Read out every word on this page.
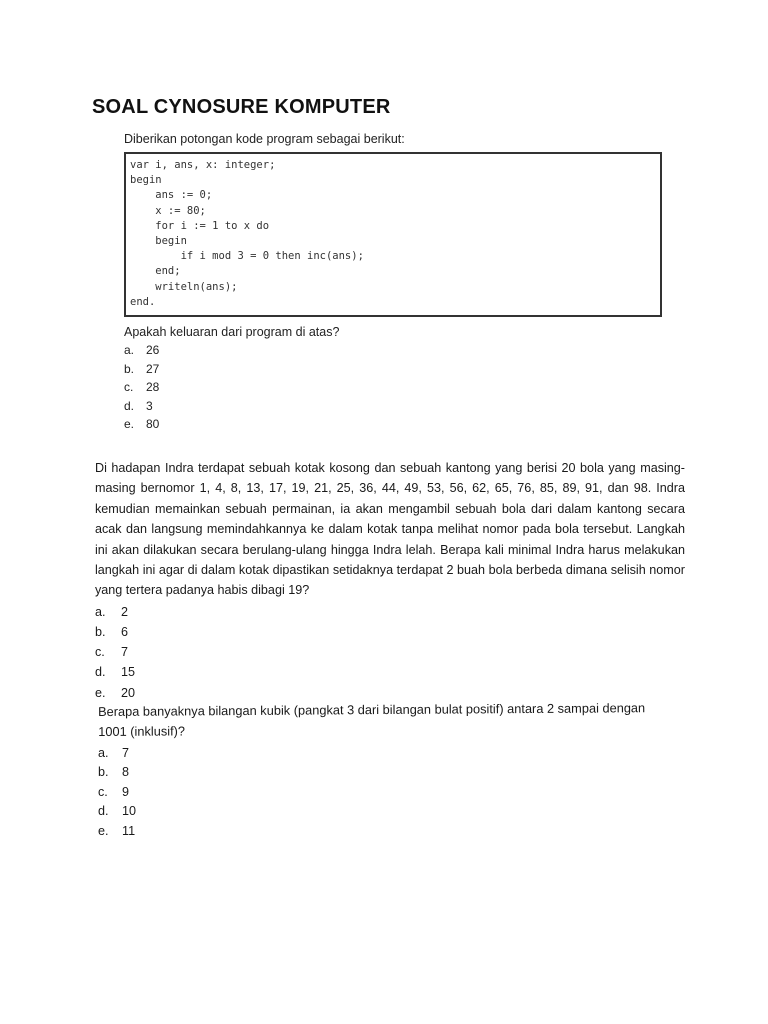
SOAL CYNOSURE KOMPUTER
Diberikan potongan kode program sebagai berikut:
var i, ans, x: integer;
begin
ans := 0;
x := 80;
for i := 1 to x do
begin
if i mod 3 = 0 then inc(ans);
end;
writeln(ans);
end.
Apakah keluaran dari program di atas?
a. 26
b. 27
c. 28
d. 3
e. 80

Di hadapan Indra terdapat sebuah kotak kosong dan sebuah kantong yang berisi 20 bola yang masing-masing bernomor 1, 4, 8, 13, 17, 19, 21, 25, 36, 44, 49, 53, 56, 62, 65, 76, 85, 89, 91, dan 98. Indra kemudian memainkan sebuah permainan, ia akan mengambil sebuah bola dari dalam kantong secara acak dan langsung memindahkannya ke dalam kotak tanpa melihat nomor pada bola tersebut. Langkah ini akan dilakukan secara berulang-ulang hingga Indra lelah. Berapa kali minimal Indra harus melakukan langkah ini agar di dalam kotak dipastikan setidaknya terdapat 2 buah bola berbeda dimana selisih nomor yang tertera padanya habis dibagi 19?

a. 2
b. 6
c. 7
d. 15
e. 20

Berapa banyaknya bilangan kubik (pangkat 3 dari bilangan bulat positif) antara 2 sampai dengan 1001 (inklusif)?

a. 7
b. 8
c. 9
d. 10
e. 11
